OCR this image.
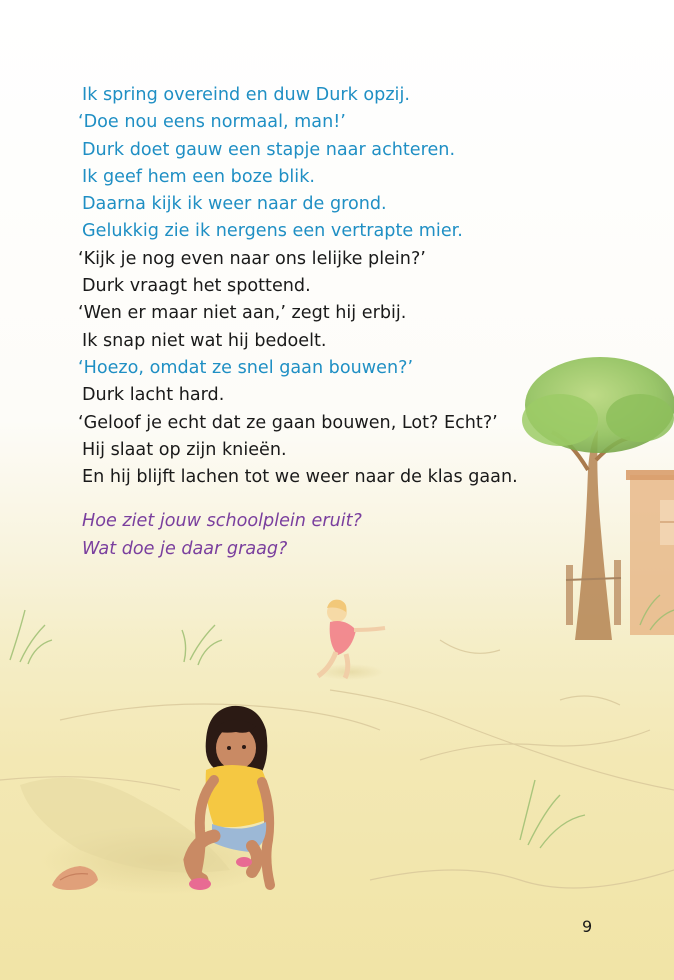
Ik spring overeind en duw Durk opzij.
‘Doe nou eens normaal, man!’
Durk doet gauw een stapje naar achteren.
Ik geef hem een boze blik.
Daarna kijk ik weer naar de grond.
Gelukkig zie ik nergens een vertrapte mier.
‘Kijk je nog even naar ons lelijke plein?’
Durk vraagt het spottend.
‘Wen er maar niet aan,’ zegt hij erbij.
Ik snap niet wat hij bedoelt.
‘Hoezo, omdat ze snel gaan bouwen?’
Durk lacht hard.
‘Geloof je echt dat ze gaan bouwen, Lot? Echt?’
Hij slaat op zijn knieën.
En hij blijft lachen tot we weer naar de klas gaan.
Hoe ziet jouw schoolplein eruit?
Wat doe je daar graag?
9
